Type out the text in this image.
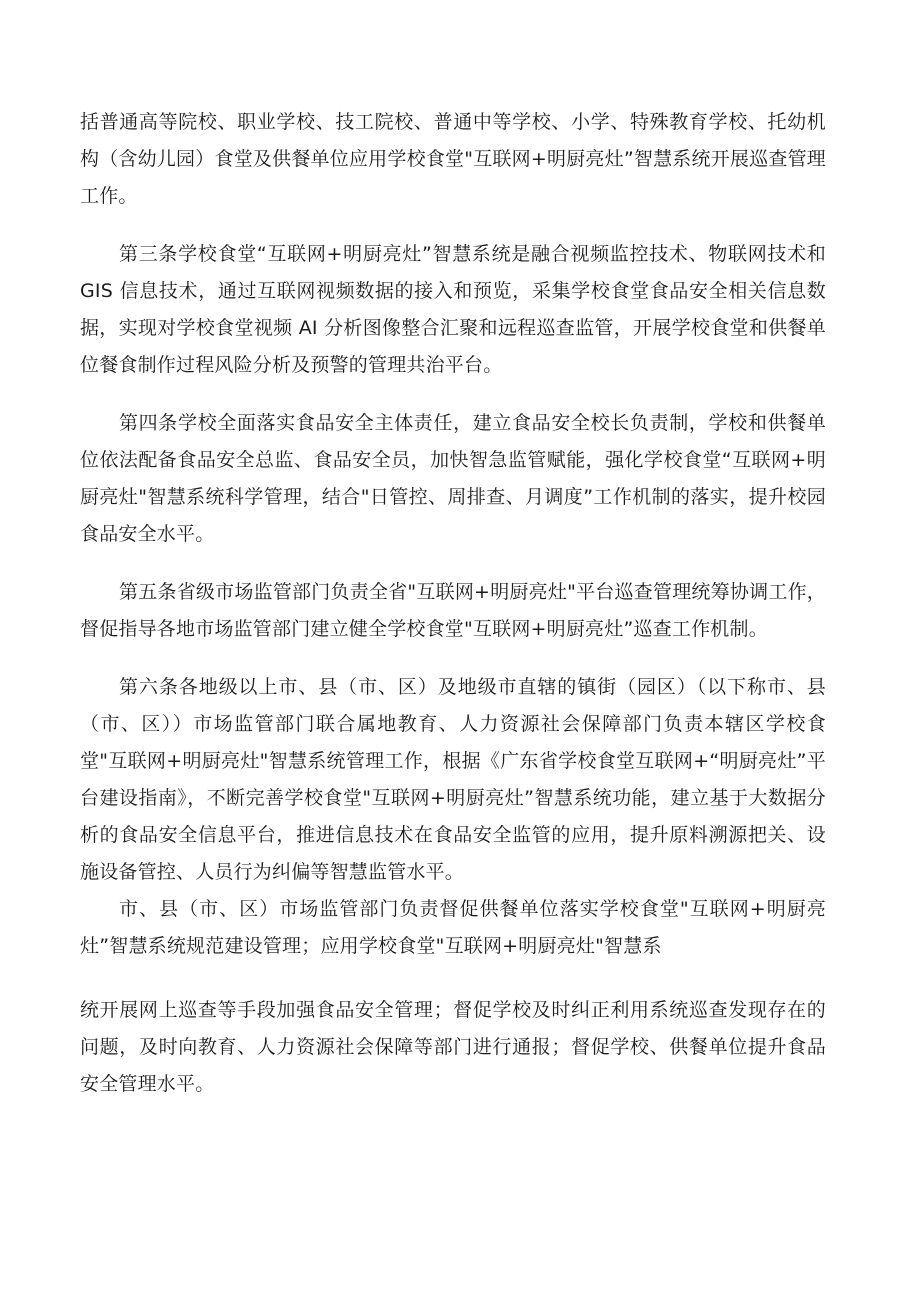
括普通高等院校、职业学校、技工院校、普通中等学校、小学、特殊教育学校、托幼机构（含幼儿园）食堂及供餐单位应用学校食堂"互联网+明厨亮灶”智慧系统开展巡查管理工作。

第三条学校食堂“互联网+明厨亮灶”智慧系统是融合视频监控技术、物联网技术和 GIS 信息技术，通过互联网视频数据的接入和预览，采集学校食堂食品安全相关信息数据，实现对学校食堂视频 AI 分析图像整合汇聚和远程巡查监管，开展学校食堂和供餐单位餐食制作过程风险分析及预警的管理共治平台。

第四条学校全面落实食品安全主体责任，建立食品安全校长负责制，学校和供餐单位依法配备食品安全总监、食品安全员，加快智急监管赋能，强化学校食堂“互联网+明厨亮灶"智慧系统科学管理，结合"日管控、周排查、月调度”工作机制的落实，提升校园食品安全水平。

第五条省级市场监管部门负责全省"互联网+明厨亮灶"平台巡查管理统筹协调工作，督促指导各地市场监管部门建立健全学校食堂"互联网+明厨亮灶”巡查工作机制。

第六条各地级以上市、县（市、区）及地级市直辖的镇街（园区）（以下称市、县（市、区））市场监管部门联合属地教育、人力资源社会保障部门负责本辖区学校食堂"互联网+明厨亮灶"智慧系统管理工作，根据《广东省学校食堂互联网+“明厨亮灶”平台建设指南》，不断完善学校食堂"互联网+明厨亮灶”智慧系统功能，建立基于大数据分析的食品安全信息平台，推进信息技术在食品安全监管的应用，提升原料溯源把关、设施设备管控、人员行为纠偏等智慧监管水平。

市、县（市、区）市场监管部门负责督促供餐单位落实学校食堂"互联网+明厨亮灶”智慧系统规范建设管理；应用学校食堂"互联网+明厨亮灶"智慧系

统开展网上巡查等手段加强食品安全管理；督促学校及时纠正利用系统巡查发现存在的问题，及时向教育、人力资源社会保障等部门进行通报；督促学校、供餐单位提升食品安全管理水平。
